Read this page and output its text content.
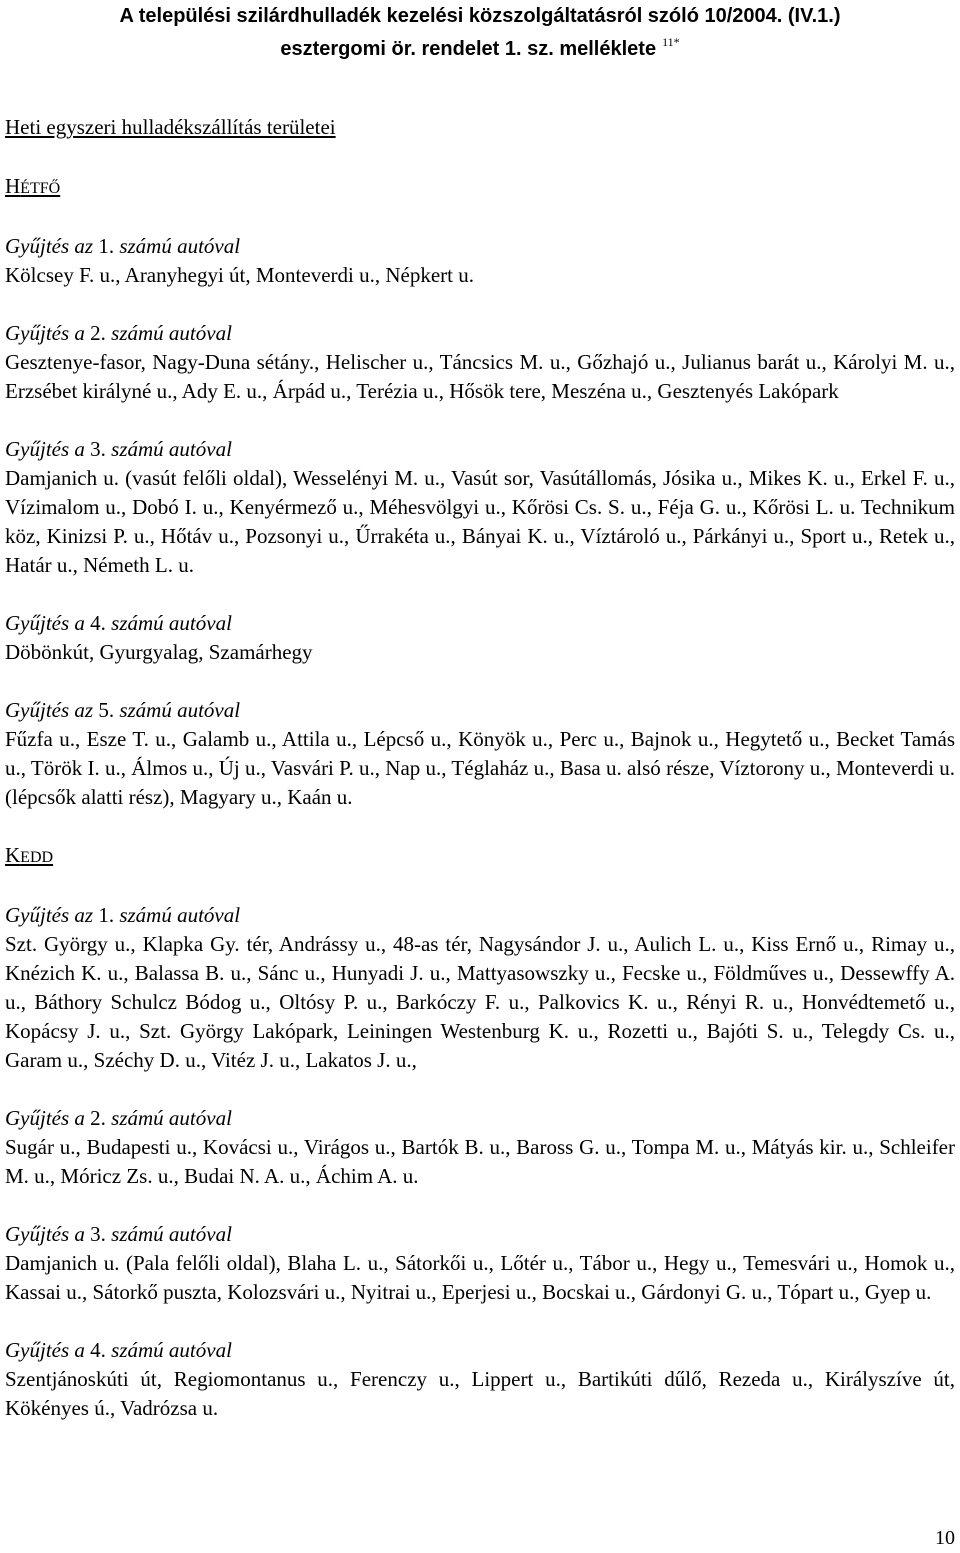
A települési szilárdhulladék kezelési közszolgáltatásról szóló 10/2004. (IV.1.)
esztergomi ör. rendelet 1. sz. melléklete $^{11*}$
Heti egyszeri hulladékszállítás területei
HÉTFŐ
Gyűjtés az 1. számú autóval
Kölcsey F. u., Aranyhegyi út, Monteverdi u., Népkert u.
Gyűjtés a 2. számú autóval
Gesztenye-fasor, Nagy-Duna sétány., Helischer u., Táncsics M. u., Gőzhajó u., Julianus barát u., Károlyi M. u., Erzsébet királyné u., Ady E. u., Árpád u., Terézia u., Hősök tere, Meszéna u., Gesztenyés Lakópark
Gyűjtés a 3. számú autóval
Damjanich u. (vasút felőli oldal), Wesselényi M. u., Vasút sor, Vasútállomás, Jósika u., Mikes K. u., Erkel F. u., Vízimalom u., Dobó I. u., Kenyérmező u., Méhesvölgyi u., Kőrösi Cs. S. u., Féja G. u., Kőrösi L. u. Technikum köz, Kinizsi P. u., Hőtáv u., Pozsonyi u., Űrrakéta u., Bányai K. u., Víztároló u., Párkányi u., Sport u., Retek u., Határ u., Németh L. u.
Gyűjtés a 4. számú autóval
Döbönkút, Gyurgyalag, Szamárhegy
Gyűjtés az 5. számú autóval
Fűzfa u., Esze T. u., Galamb u., Attila u., Lépcső u., Könyök u., Perc u., Bajnok u., Hegytető u., Becket Tamás u., Török I. u., Álmos u., Új u., Vasvári P. u., Nap u., Téglaház u., Basa u. alsó része, Víztorony u., Monteverdi u. (lépcsők alatti rész), Magyary u., Kaán u.
KEDD
Gyűjtés az 1. számú autóval
Szt. György u., Klapka Gy. tér, Andrássy u., 48-as tér, Nagysándor J. u., Aulich L. u., Kiss Ernő u., Rimay u., Knézich K. u., Balassa B. u., Sánc u., Hunyadi J. u., Mattyasowszky u., Fecske u., Földműves u., Dessewffy A. u., Báthory Schulcz Bódog u., Oltósy P. u., Barkóczy F. u., Palkovics K. u., Rényi R. u., Honvédtemető u., Kopácsy J. u., Szt. György Lakópark, Leiningen Westenburg K. u., Rozetti u., Bajóti S. u., Telegdy Cs. u., Garam u., Széchy D. u., Vitéz J. u., Lakatos J. u.,
Gyűjtés a 2. számú autóval
Sugár u., Budapesti u., Kovácsi u., Virágos u., Bartók B. u., Baross G. u., Tompa M. u., Mátyás kir. u., Schleifer M. u., Móricz Zs. u., Budai N. A. u., Áchim A. u.
Gyűjtés a 3. számú autóval
Damjanich u. (Pala felőli oldal), Blaha L. u., Sátorkői u., Lőtér u., Tábor u., Hegy u., Temesvári u., Homok u., Kassai u., Sátorkő puszta, Kolozsvári u., Nyitrai u., Eperjesi u., Bocskai u., Gárdonyi G. u., Tópart u., Gyep u.
Gyűjtés a 4. számú autóval
Szentjánoskúti út, Regiomontanus u., Ferenczy u., Lippert u., Bartikúti dűlő, Rezeda u., Királyszíve út, Kökényes ú., Vadrózsa u.
10
